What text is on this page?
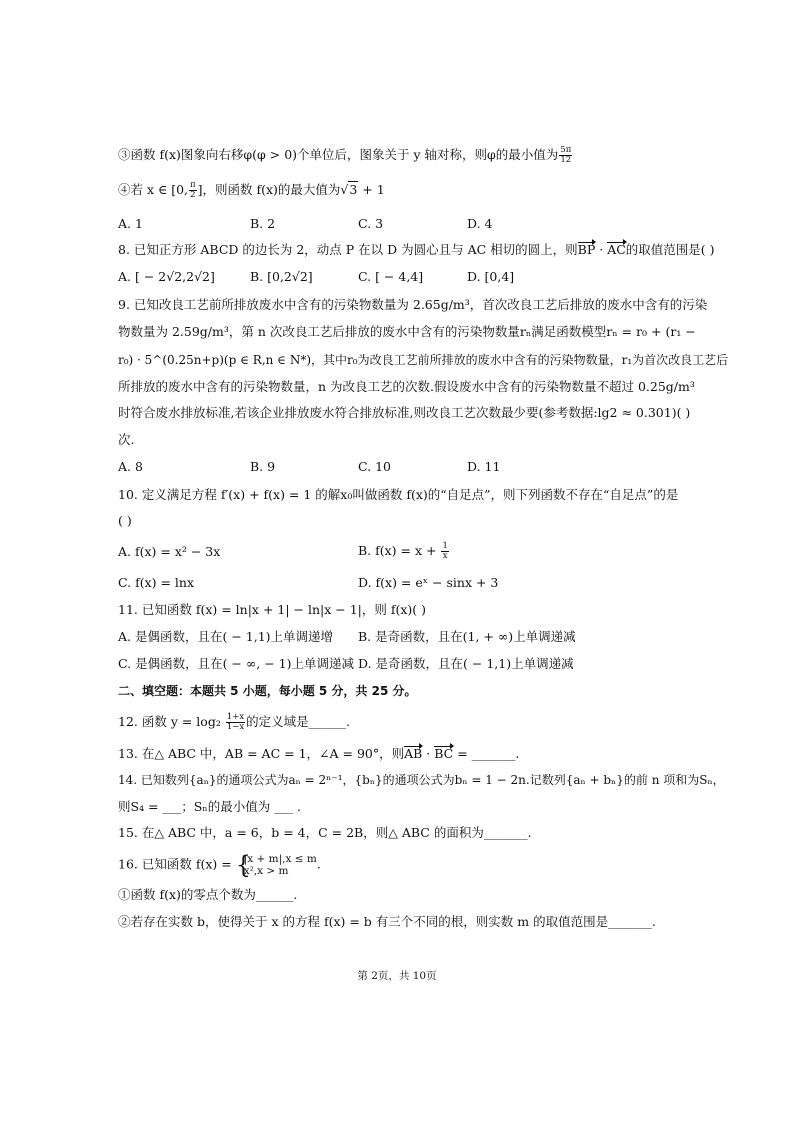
③函数 f(x)图象向右移φ(φ > 0)个单位后，图象关于 y 轴对称，则φ的最小值为 $\frac{5\pi}{12}$
④若 x ∈ [0, $\frac{\pi}{2}$ ]，则函数 f(x)的最大值为√3 + 1
A. 1	B. 2	C. 3	D. 4
8. 已知正方形 ABCD 的边长为 2，动点 P 在以 D 为圆心且与 AC 相切的圆上，则BP · AC的取值范围是( )
A. [ − 2√2,2√2]	B. [0,2√2]	C. [ − 4,4]	D. [0,4]
9. 已知改良工艺前所排放废水中含有的污染物数量为 2.65g/m³，首次改良工艺后排放的废水中含有的污染
物数量为 2.59g/m³，第 n 次改良工艺后排放的废水中含有的污染物数量rₙ满足函数模型rₙ = r₀ + (r₁ −
r₀) · 5^(0.25n+p)(p ∈ R,n ∈ N*)，其中r₀为改良工艺前所排放的废水中含有的污染物数量，r₁为首次改良工艺后
所排放的废水中含有的污染物数量，n 为改良工艺的次数.假设废水中含有的污染物数量不超过 0.25g/m³
时符合废水排放标准,若该企业排放废水符合排放标准,则改良工艺次数最少要(参考数据:lg2 ≈ 0.301)( )
次.
A. 8	B. 9	C. 10	D. 11
10. 定义满足方程 f′(x) + f(x) = 1 的解x₀叫做函数 f(x)的“自足点”，则下列函数不存在“自足点”的是
( )
A. f(x) = x² − 3x	B. $f(x) = x + \frac{1}{x}$
C. f(x) = lnx	D. f(x) = eˣ − sinx + 3
11. 已知函数 f(x) = ln|x + 1| − ln|x − 1|，则 f(x)( )
A. 是偶函数，且在( − 1,1)上单调递增 B. 是奇函数，且在(1, + ∞)上单调递减
C. 是偶函数，且在( − ∞, − 1)上单调递减 D. 是奇函数，且在( − 1,1)上单调递减
二、填空题：本题共 5 小题，每小题 5 分，共 25 分。
12. 函数 $y = \log_2 \frac{1+x}{1-x}$ 的定义域是______.
13. 在△ ABC 中，AB = AC = 1，∠A = 90°，则AB · BC = _______.
14. 已知数列{aₙ}的通项公式为aₙ = 2ⁿ⁻¹，{bₙ}的通项公式为bₙ = 1 − 2n.记数列{aₙ + bₙ}的前 n 项和为Sₙ，
则S₄ = ___；Sₙ的最小值为 ___ .
15. 在△ ABC 中，a = 6，b = 4，C = 2B，则△ ABC 的面积为_______.
16. 已知函数 f(x) = {
|x + m|,x ≤ m
x²,x > m	.
①函数 f(x)的零点个数为______.
②若存在实数 b，使得关于 x 的方程 f(x) = b 有三个不同的根，则实数 m 的取值范围是_______.
第 2页，共 10页
